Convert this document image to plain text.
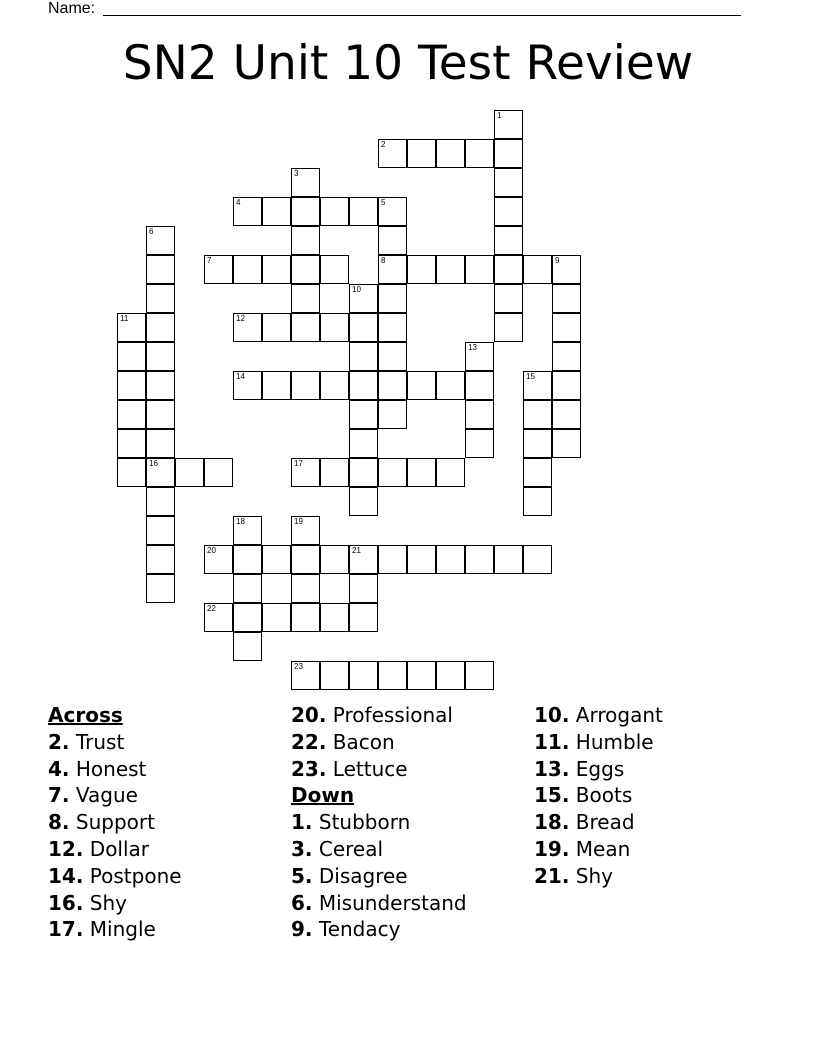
Name:
SN2 Unit 10 Test Review
1
2
3
4	5
8
6
16
7	9
10
11	12
13
14	15
17
18	19
20	21
22
23
Across
2. Trust
4. Honest
7. Vague
8. Support
12. Dollar
14. Postpone
16. Shy
17. Mingle
20. Professional
22. Bacon
23. Lettuce
Down
1. Stubborn
3. Cereal
5. Disagree
6. Misunderstand
9. Tendacy
10. Arrogant
11. Humble
13. Eggs
15. Boots
18. Bread
19. Mean
21. Shy
